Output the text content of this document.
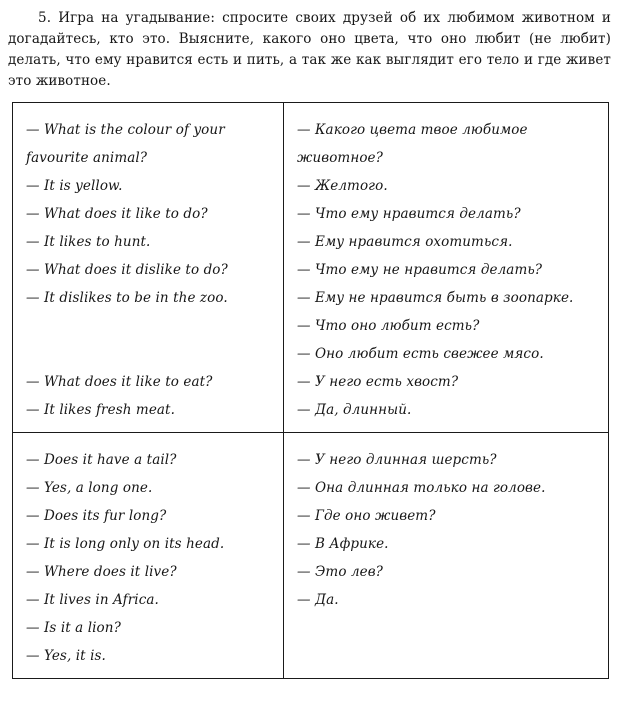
5. Игра на угадывание: спросите своих друзей об их любимом животном и догадайтесь, кто это. Выясните, какого оно цвета, что оно любит (не любит) делать, что ему нравится есть и пить, а так же как выглядит его тело и где живет это животное.

— What is the colour of your favourite animal?

— It is yellow.

— What does it like to do?

— It likes to hunt.

— What does it dislike to do?

— It dislikes to be in the zoo.

— What does it like to eat?

— It likes fresh meat.

— Какого цвета твое любимое животное?

— Желтого.

— Что ему нравится делать?

— Ему нравится охотиться.

— Что ему не нравится делать?

— Ему не нравится быть в зоопарке.

— Что оно любит есть?

— Оно любит есть свежее мясо.

— У него есть хвост?

— Да, длинный.

— Does it have a tail?

— Yes, a long one.

— Does its fur long?

— It is long only on its head.

— Where does it live?

— It lives in Africa.

— Is it a lion?

— Yes, it is.

— У него длинная шерсть?

— Она длинная только на голове.

— Где оно живет?

— В Африке.

— Это лев?

— Да.
